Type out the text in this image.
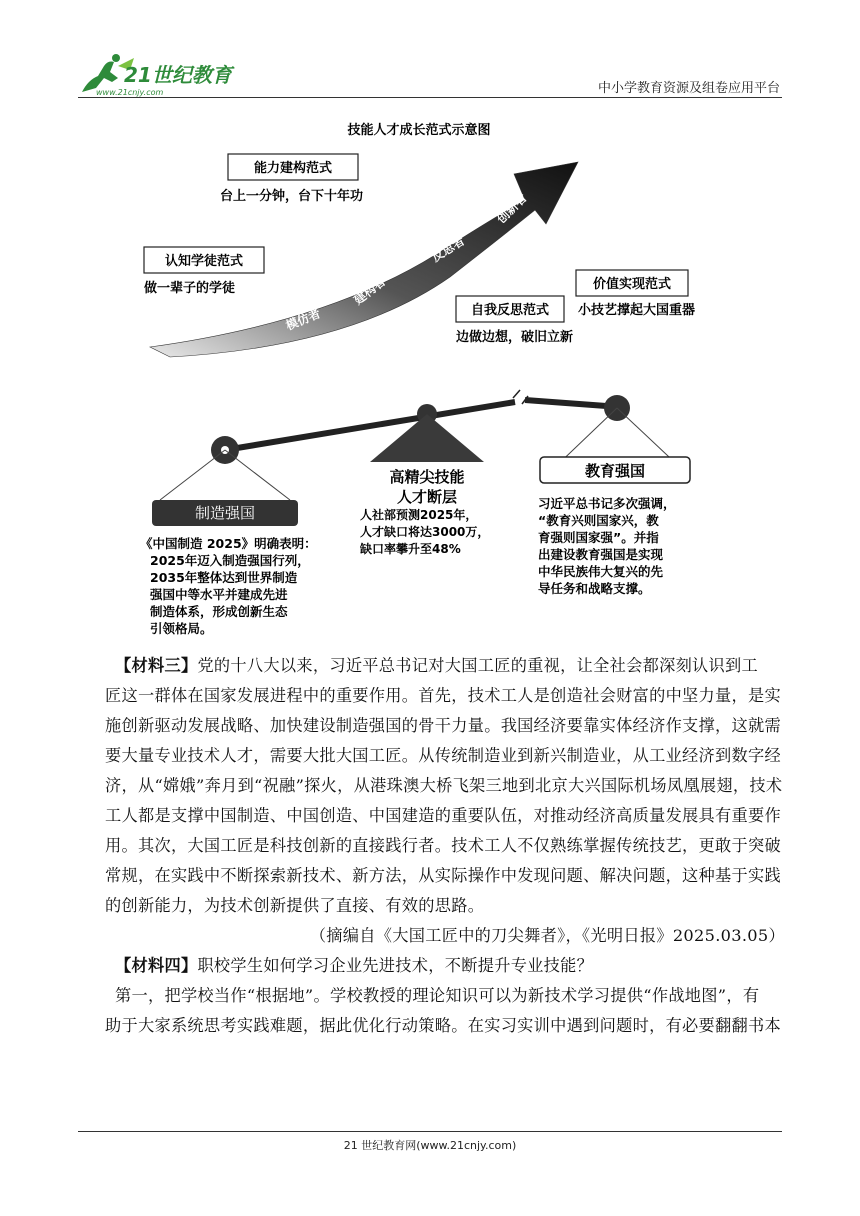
21世纪教育
www.21cnjy.com	中小学教育资源及组卷应用平台
技能人才成长范式示意图
模仿者
建构者
反思者
创新者
能力建构范式
台上一分钟，台下十年功
认知学徒范式
做一辈子的学徒	价值实现范式
小技艺撑起大国重器
自我反思范式
边做边想，破旧立新
制造强国
教育强国
高精尖技能
人才断层
人社部预测2025年，
人才缺口将达3000万，
缺口率攀升至48%
《中国制造 2025》明确表明：
2025年迈入制造强国行列，
2035年整体达到世界制造
强国中等水平并建成先进
制造体系，形成创新生态
引领格局。
习近平总书记多次强调，
“教育兴则国家兴，教
育强则国家强”。并指
出建设教育强国是实现
中华民族伟大复兴的先
导任务和战略支撑。

【材料三】党的十八大以来，习近平总书记对大国工匠的重视，让全社会都深刻认识到工

匠这一群体在国家发展进程中的重要作用。首先，技术工人是创造社会财富的中坚力量，是实

施创新驱动发展战略、加快建设制造强国的骨干力量。我国经济要靠实体经济作支撑，这就需

要大量专业技术人才，需要大批大国工匠。从传统制造业到新兴制造业，从工业经济到数字经

济，从“嫦娥”奔月到“祝融”探火，从港珠澳大桥飞架三地到北京大兴国际机场凤凰展翅，技术

工人都是支撑中国制造、中国创造、中国建造的重要队伍，对推动经济高质量发展具有重要作

用。其次，大国工匠是科技创新的直接践行者。技术工人不仅熟练掌握传统技艺，更敢于突破

常规，在实践中不断探索新技术、新方法，从实际操作中发现问题、解决问题，这种基于实践

的创新能力，为技术创新提供了直接、有效的思路。

（摘编自《大国工匠中的刀尖舞者》，《光明日报》2025.03.05）

【材料四】职校学生如何学习企业先进技术，不断提升专业技能？

第一，把学校当作“根据地”。学校教授的理论知识可以为新技术学习提供“作战地图”，有

助于大家系统思考实践难题，据此优化行动策略。在实习实训中遇到问题时，有必要翻翻书本

21 世纪教育网(www.21cnjy.com)
